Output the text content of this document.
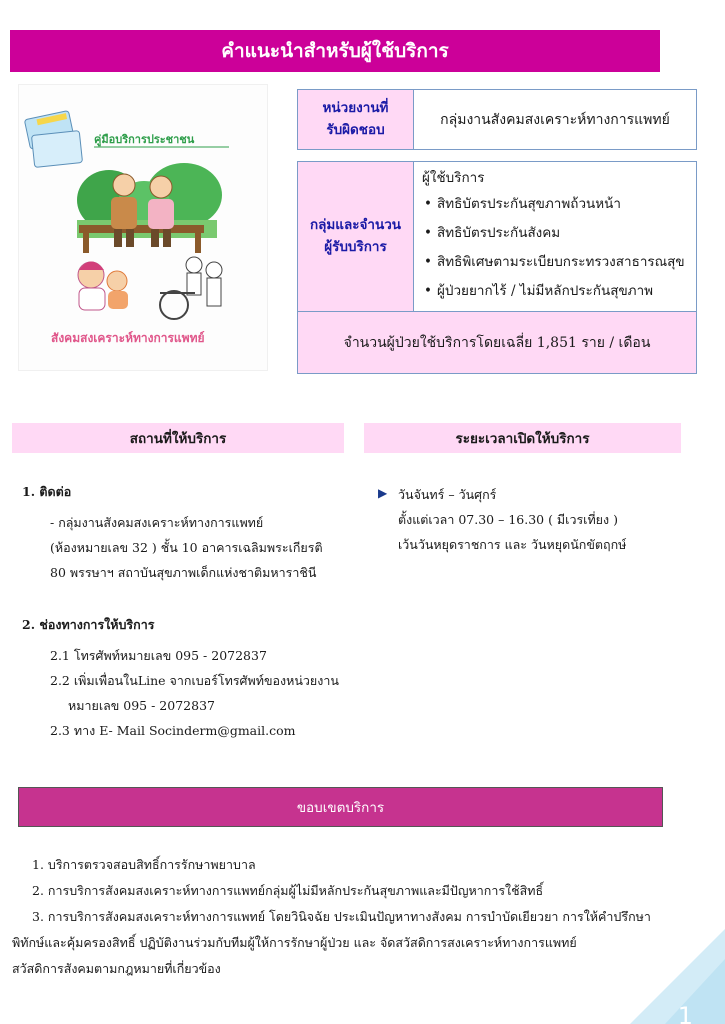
คำแนะนำสำหรับผู้ใช้บริการ
คู่มือบริการประชาชน
สังคมสงเคราะห์ทางการแพทย์
หน่วยงานที่
รับผิดชอบ
กลุ่มงานสังคมสงเคราะห์ทางการแพทย์
กลุ่มและจำนวน
ผู้รับบริการ
ผู้ใช้บริการ
• สิทธิบัตรประกันสุขภาพถ้วนหน้า
• สิทธิบัตรประกันสังคม
• สิทธิพิเศษตามระเบียบกระทรวงสาธารณสุข
• ผู้ป่วยยากไร้ / ไม่มีหลักประกันสุขภาพ
จำนวนผู้ป่วยใช้บริการโดยเฉลี่ย 1,851 ราย / เดือน
สถานที่ให้บริการ	ระยะเวลาเปิดให้บริการ
1. ติดต่อ
- กลุ่มงานสังคมสงเคราะห์ทางการแพทย์
(ห้องหมายเลข 32 ) ชั้น 10 อาคารเฉลิมพระเกียรติ
80 พรรษาฯ สถาบันสุขภาพเด็กแห่งชาติมหาราชินี
2. ช่องทางการให้บริการ
2.1 โทรศัพท์หมายเลข 095 - 2072837
2.2 เพิ่มเพื่อนในLine จากเบอร์โทรศัพท์ของหน่วยงาน
หมายเลข 095 - 2072837
2.3 ทาง E- Mail Socinderm@gmail.com
▶ วันจันทร์ – วันศุกร์
ตั้งแต่เวลา 07.30 – 16.30 ( มีเวรเที่ยง )
เว้นวันหยุดราชการ และ วันหยุดนักขัตฤกษ์
ขอบเขตบริการ
1. บริการตรวจสอบสิทธิ์การรักษาพยาบาล
2. การบริการสังคมสงเคราะห์ทางการแพทย์กลุ่มผู้ไม่มีหลักประกันสุขภาพและมีปัญหาการใช้สิทธิ์
3. การบริการสังคมสงเคราะห์ทางการแพทย์ โดยวินิจฉัย ประเมินปัญหาทางสังคม การบำบัดเยียวยา การให้คำปรึกษา
พิทักษ์และคุ้มครองสิทธิ์ ปฏิบัติงานร่วมกับทีมผู้ให้การรักษาผู้ป่วย และ จัดสวัสดิการสงเคราะห์ทางการแพทย์
สวัสดิการสังคมตามกฎหมายที่เกี่ยวข้อง
1
